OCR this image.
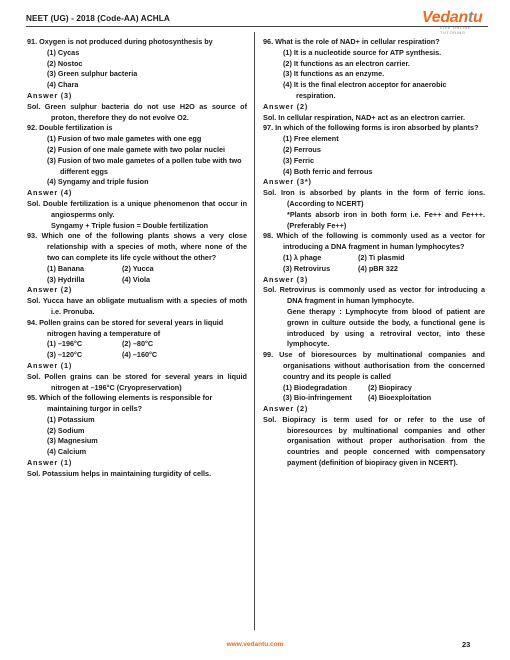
NEET (UG) - 2018 (Code-AA) ACHLA	Vedantu
LIVE ONLINE TUTORING
91. Oxygen is not produced during photosynthesis by
(1) Cycas
(2) Nostoc
(3) Green sulphur bacteria
(4) Chara
Answer (3)
Sol. Green sulphur bacteria do not use H2O as source of proton, therefore they do not evolve O2.
92. Double fertilization is
(1) Fusion of two male gametes with one egg
(2) Fusion of one male gamete with two polar nuclei
(3) Fusion of two male gametes of a pollen tube with two different eggs
(4) Syngamy and triple fusion
Answer (4)
Sol. Double fertilization is a unique phenomenon that occur in angiosperms only.
Syngamy + Triple fusion = Double fertilization
93. Which one of the following plants shows a very close relationship with a species of moth, where none of the two can complete its life cycle without the other?
(1) Banana	(2) Yucca
(3) Hydrilla	(4) Viola
Answer (2)
Sol. Yucca have an obligate mutualism with a species of moth i.e. Pronuba.
94. Pollen grains can be stored for several years in liquid nitrogen having a temperature of
(1) –196°C	(2) –80°C
(3) –120°C	(4) –160°C
Answer (1)
Sol. Pollen grains can be stored for several years in liquid nitrogen at –196°C (Cryopreservation)
95. Which of the following elements is responsible for maintaining turgor in cells?
(1) Potassium
(2) Sodium
(3) Magnesium
(4) Calcium
Answer (1)
Sol. Potassium helps in maintaining turgidity of cells.
96. What is the role of NAD+ in cellular respiration?
(1) It is a nucleotide source for ATP synthesis.
(2) It functions as an electron carrier.
(3) It functions as an enzyme.
(4) It is the final electron acceptor for anaerobic respiration.
Answer (2)
Sol. In cellular respiration, NAD+ act as an electron carrier.
97. In which of the following forms is iron absorbed by plants?
(1) Free element
(2) Ferrous
(3) Ferric
(4) Both ferric and ferrous
Answer (3*)
Sol. Iron is absorbed by plants in the form of ferric ions. (According to NCERT)
*Plants absorb iron in both form i.e. Fe++ and Fe+++. (Preferably Fe++)
98. Which of the following is commonly used as a vector for introducing a DNA fragment in human lymphocytes?
(1) λ phage	(2) Ti plasmid
(3) Retrovirus	(4) pBR 322
Answer (3)
Sol. Retrovirus is commonly used as vector for introducing a DNA fragment in human lymphocyte.
Gene therapy : Lymphocyte from blood of patient are grown in culture outside the body, a functional gene is introduced by using a retroviral vector, into these lymphocyte.
99. Use of bioresources by multinational companies and organisations without authorisation from the concerned country and its people is called
(1) Biodegradation	(2) Biopiracy
(3) Bio-infringement	(4) Bioexploitation
Answer (2)
Sol. Biopiracy is term used for or refer to the use of bioresources by multinational companies and other organisation without proper authorisation from the countries and people concerned with compensatory payment (definition of biopiracy given in NCERT).
www.vedantu.com	23
